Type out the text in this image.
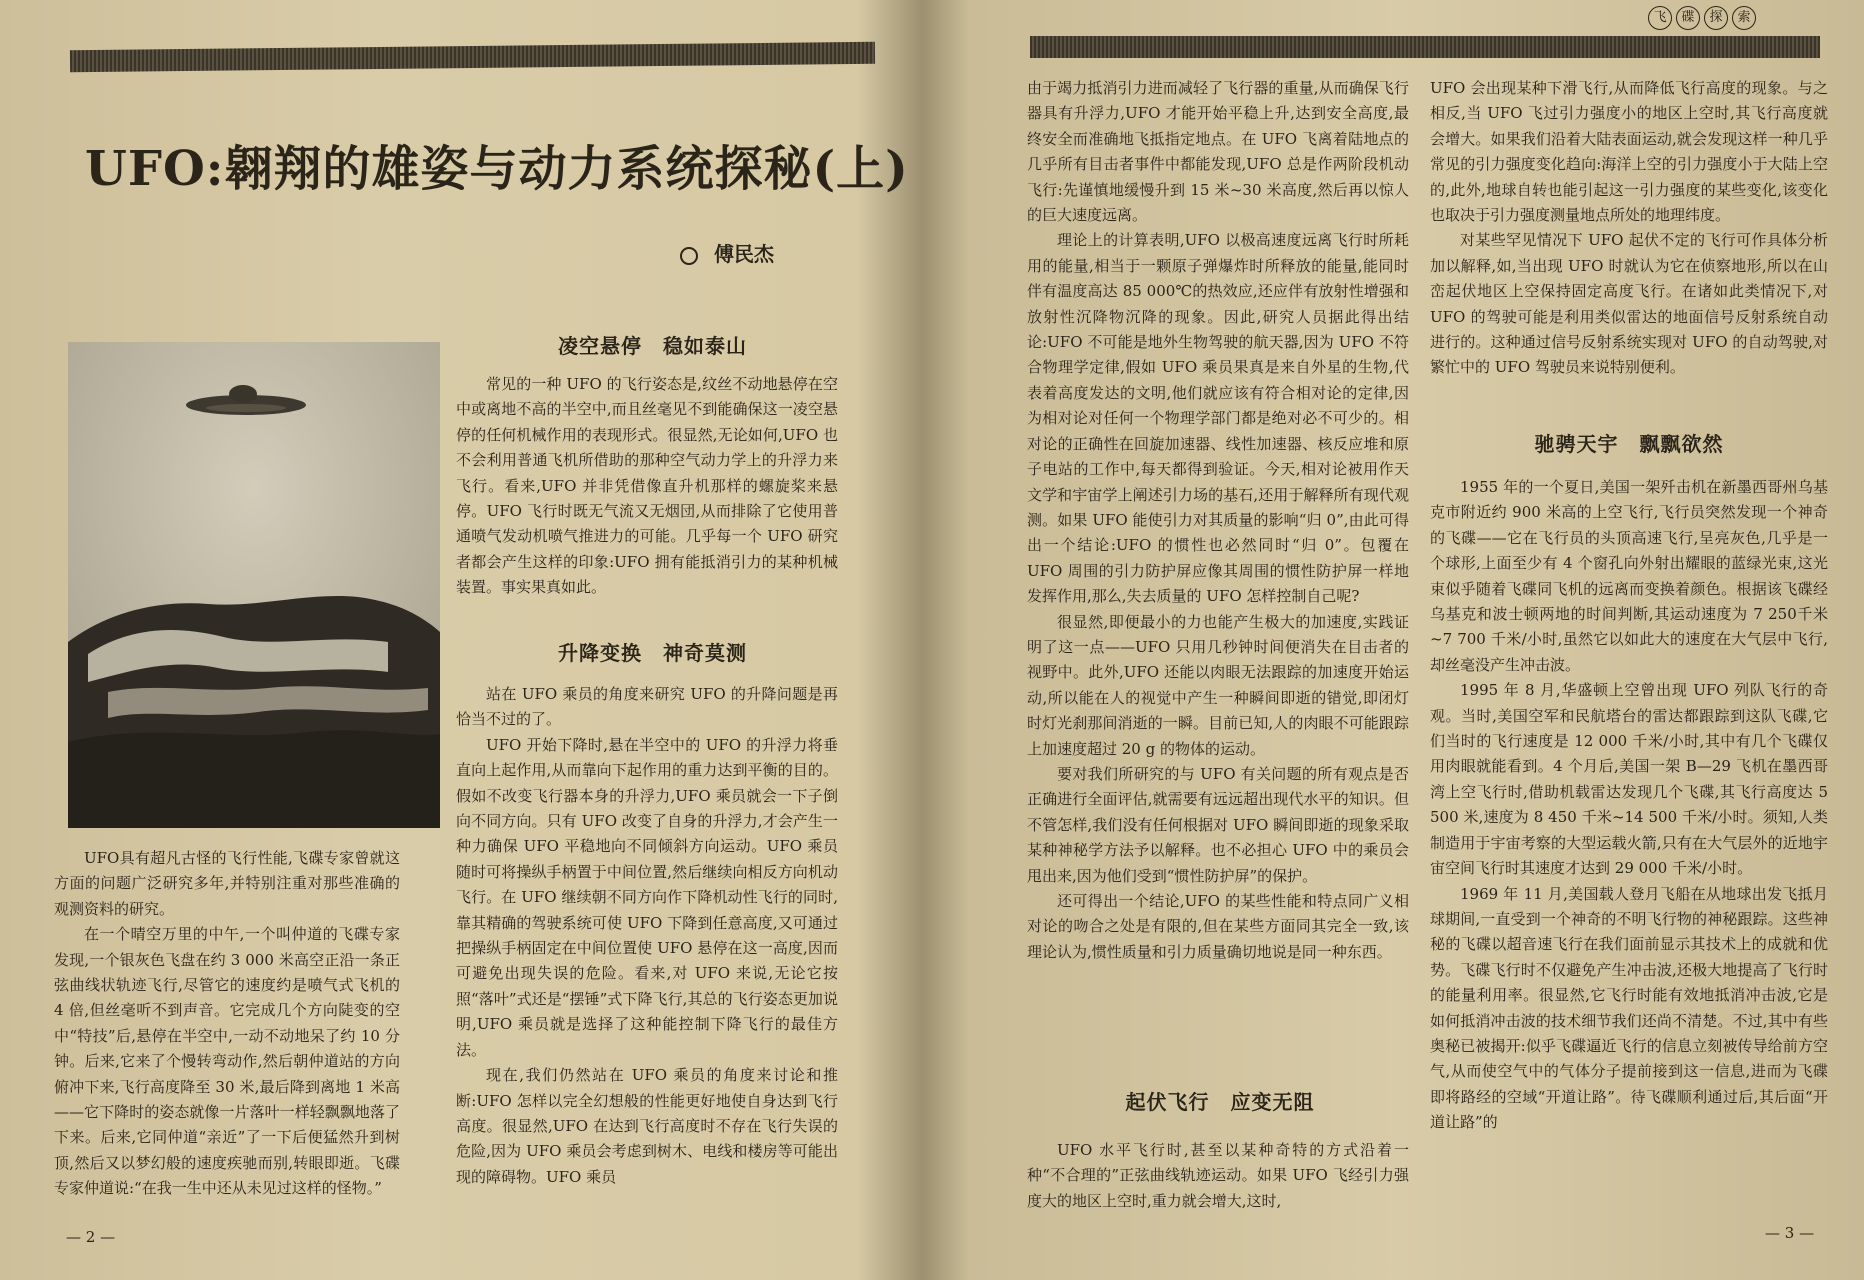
UFO:翱翔的雄姿与动力系统探秘(上)
傅民杰

UFO具有超凡古怪的飞行性能,飞碟专家曾就这方面的问题广泛研究多年,并特别注重对那些准确的观测资料的研究。

在一个晴空万里的中午,一个叫仲道的飞碟专家发现,一个银灰色飞盘在约 3 000 米高空正沿一条正弦曲线状轨迹飞行,尽管它的速度约是喷气式飞机的 4 倍,但丝毫听不到声音。它完成几个方向陡变的空中“特技”后,悬停在半空中,一动不动地呆了约 10 分钟。后来,它来了个慢转弯动作,然后朝仲道站的方向俯冲下来,飞行高度降至 30 米,最后降到离地 1 米高——它下降时的姿态就像一片落叶一样轻飘飘地落了下来。后来,它同仲道“亲近”了一下后便猛然升到树顶,然后又以梦幻般的速度疾驰而别,转眼即逝。飞碟专家仲道说:“在我一生中还从未见过这样的怪物。”

凌空悬停　稳如泰山

常见的一种 UFO 的飞行姿态是,纹丝不动地悬停在空中或离地不高的半空中,而且丝毫见不到能确保这一凌空悬停的任何机械作用的表现形式。很显然,无论如何,UFO 也不会利用普通飞机所借助的那种空气动力学上的升浮力来飞行。看来,UFO 并非凭借像直升机那样的螺旋桨来悬停。UFO 飞行时既无气流又无烟団,从而排除了它使用普通喷气发动机喷气推进力的可能。几乎每一个 UFO 研究者都会产生这样的印象:UFO 拥有能抵消引力的某种机械装置。事实果真如此。

升降变换　神奇莫测

站在 UFO 乘员的角度来研究 UFO 的升降问题是再恰当不过的了。

UFO 开始下降时,悬在半空中的 UFO 的升浮力将垂直向上起作用,从而靠向下起作用的重力达到平衡的目的。假如不改变飞行器本身的升浮力,UFO 乘员就会一下子倒向不同方向。只有 UFO 改变了自身的升浮力,才会产生一种力确保 UFO 平稳地向不同倾斜方向运动。UFO 乘员随时可将操纵手柄置于中间位置,然后继续向相反方向机动飞行。在 UFO 继续朝不同方向作下降机动性飞行的同时,靠其精确的驾驶系统可使 UFO 下降到任意高度,又可通过把操纵手柄固定在中间位置使 UFO 悬停在这一高度,因而可避免出现失误的危险。看来,对 UFO 来说,无论它按照“落叶”式还是“摆锤”式下降飞行,其总的飞行姿态更加说明,UFO 乘员就是选择了这种能控制下降飞行的最佳方法。

现在,我们仍然站在 UFO 乘员的角度来讨论和推断:UFO 怎样以完全幻想般的性能更好地使自身达到飞行高度。很显然,UFO 在达到飞行高度时不存在飞行失误的危险,因为 UFO 乘员会考虑到树木、电线和楼房等可能出现的障碍物。UFO 乘员

— 2 —
飞 碟 探 索

由于竭力抵消引力进而减轻了飞行器的重量,从而确保飞行器具有升浮力,UFO 才能开始平稳上升,达到安全高度,最终安全而准确地飞抵指定地点。在 UFO 飞离着陆地点的几乎所有目击者事件中都能发现,UFO 总是作两阶段机动飞行:先谨慎地缓慢升到 15 米~30 米高度,然后再以惊人的巨大速度远离。

理论上的计算表明,UFO 以极高速度远离飞行时所耗用的能量,相当于一颗原子弹爆炸时所释放的能量,能同时伴有温度高达 85 000℃的热效应,还应伴有放射性增强和放射性沉降物沉降的现象。因此,研究人员据此得出结论:UFO 不可能是地外生物驾驶的航天器,因为 UFO 不符合物理学定律,假如 UFO 乘员果真是来自外星的生物,代表着高度发达的文明,他们就应该有符合相对论的定律,因为相对论对任何一个物理学部门都是绝对必不可少的。相对论的正确性在回旋加速器、线性加速器、核反应堆和原子电站的工作中,每天都得到验证。今天,相对论被用作天文学和宇宙学上阐述引力场的基石,还用于解释所有现代观测。如果 UFO 能使引力对其质量的影响“归 0”,由此可得出一个结论:UFO 的惯性也必然同时“归 0”。包覆在 UFO 周围的引力防护屏应像其周围的惯性防护屏一样地发挥作用,那么,失去质量的 UFO 怎样控制自己呢?

很显然,即便最小的力也能产生极大的加速度,实践证明了这一点——UFO 只用几秒钟时间便消失在目击者的视野中。此外,UFO 还能以肉眼无法跟踪的加速度开始运动,所以能在人的视觉中产生一种瞬间即逝的错觉,即闭灯时灯光刹那间消逝的一瞬。目前已知,人的肉眼不可能跟踪上加速度超过 20 g 的物体的运动。

要对我们所研究的与 UFO 有关问题的所有观点是否正确进行全面评估,就需要有远远超出现代水平的知识。但不管怎样,我们没有任何根据对 UFO 瞬间即逝的现象采取某种神秘学方法予以解释。也不必担心 UFO 中的乘员会甩出来,因为他们受到“惯性防护屏”的保护。

还可得出一个结论,UFO 的某些性能和特点同广义相对论的吻合之处是有限的,但在某些方面同其完全一致,该理论认为,惯性质量和引力质量确切地说是同一种东西。

起伏飞行　应变无阻

UFO 水平飞行时,甚至以某种奇特的方式沿着一种“不合理的”正弦曲线轨迹运动。如果 UFO 飞经引力强度大的地区上空时,重力就会增大,这时,

UFO 会出现某种下滑飞行,从而降低飞行高度的现象。与之相反,当 UFO 飞过引力强度小的地区上空时,其飞行高度就会增大。如果我们沿着大陆表面运动,就会发现这样一种几乎常见的引力强度变化趋向:海洋上空的引力强度小于大陆上空的,此外,地球自转也能引起这一引力强度的某些变化,该变化也取决于引力强度测量地点所处的地理纬度。

对某些罕见情况下 UFO 起伏不定的飞行可作具体分析加以解释,如,当出现 UFO 时就认为它在侦察地形,所以在山峦起伏地区上空保持固定高度飞行。在诸如此类情况下,对 UFO 的驾驶可能是利用类似雷达的地面信号反射系统自动进行的。这种通过信号反射系统实现对 UFO 的自动驾驶,对繁忙中的 UFO 驾驶员来说特别便利。

驰骋天宇　飘飘欲然

1955 年的一个夏日,美国一架歼击机在新墨西哥州乌基克市附近约 900 米高的上空飞行,飞行员突然发现一个神奇的飞碟——它在飞行员的头顶高速飞行,呈亮灰色,几乎是一个球形,上面至少有 4 个窗孔向外射出耀眼的蓝绿光束,这光束似乎随着飞碟同飞机的远离而变换着颜色。根据该飞碟经乌基克和波士顿两地的时间判断,其运动速度为 7 250千米~7 700 千米/小时,虽然它以如此大的速度在大气层中飞行,却丝毫没产生冲击波。

1995 年 8 月,华盛顿上空曾出现 UFO 列队飞行的奇观。当时,美国空军和民航塔台的雷达都跟踪到这队飞碟,它们当时的飞行速度是 12 000 千米/小时,其中有几个飞碟仅用肉眼就能看到。4 个月后,美国一架 B—29 飞机在墨西哥湾上空飞行时,借助机载雷达发现几个飞碟,其飞行高度达 5 500 米,速度为 8 450 千米~14 500 千米/小时。须知,人类制造用于宇宙考察的大型运载火箭,只有在大气层外的近地宇宙空间飞行时其速度才达到 29 000 千米/小时。

1969 年 11 月,美国载人登月飞船在从地球出发飞抵月球期间,一直受到一个神奇的不明飞行物的神秘跟踪。这些神秘的飞碟以超音速飞行在我们面前显示其技术上的成就和优势。飞碟飞行时不仅避免产生冲击波,还极大地提高了飞行时的能量利用率。很显然,它飞行时能有效地抵消冲击波,它是如何抵消冲击波的技术细节我们还尚不清楚。不过,其中有些奥秘已被揭开:似乎飞碟逼近飞行的信息立刻被传导给前方空气,从而使空气中的气体分子提前接到这一信息,进而为飞碟即将路经的空域“开道让路”。待飞碟顺利通过后,其后面“开道让路”的

— 3 —
